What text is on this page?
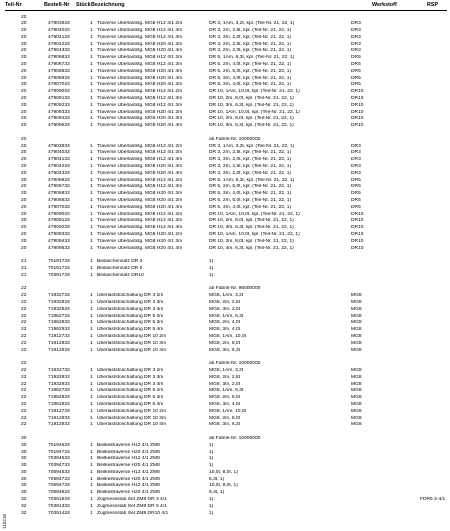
Teil-Nr	Bestell-Nr Stück Bezeichnung	Werkstoff	RSP
20
20	47903933	1 Traverse Überlaststg. MG8 H12 4/1 2m	DR 3, 1Am, 3,2t, kpl. (Teil-Nr. 21, 22, 1)	DR3
20	47904033	1 Traverse Überlaststg. MG8 H12 4/1 3m	DR 3, 2m, 2,5t, kpl. (Teil-Nr. 21, 22, 1)	DR3
20	47904133	1 Traverse Überlaststg. MG8 H12 4/1 3m	DR 3, 3m, 2,0t, kpl. (Teil-Nr. 21, 22, 1)	DR3
20	47904233	1 Traverse Überlaststg. MG8 H20 4/1 3m	DR 3, 2m, 2,5t, kpl. (Teil-Nr. 21, 22, 1)	DR3
20	47904333	1 Traverse Überlaststg. MG8 H20 4/1 4m	DR 3, 2m, 2,0t, kpl. (Teil-Nr. 21, 22, 1)	DR3
20	47906833	1 Traverse Überlaststg. MG8 H12 4/1 2m	DR 5, 1Am, 6,3t, kpl. (Teil-Nr. 21, 22, 1)	DR5
20	47906733	1 Traverse Überlaststg. MG8 H12 4/1 3m	DR 5, 2m, 4,0t, kpl. (Teil-Nr. 21, 22, 1)	DR5
20	47906833	1 Traverse Überlaststg. MG8 H20 4/1 3m	DR 5, 2m, 5,0t, kpl. (Teil-Nr. 21, 22, 1)	DR5
20	47906933	1 Traverse Überlaststg. MG8 H20 4/1 4m	DR 5, 3m, 4,0t, kpl. (Teil-Nr. 21, 22, 1)	DR5
20	47907033	1 Traverse Überlaststg. MG8 H20 4/1 3m	DR 5, 3m, 4,0t, kpl. (Teil-Nr. 21, 22, 1)	DR5
20	47909033	1 Traverse Überlaststg. MG8 H12 4/1 2m	DR 10, 1Am, 10,0t, kpl. (Teil-Nr. 21, 22, 1)	DR10
20	47909133	1 Traverse Überlaststg. MG8 H12 4/1 3m	DR 10, 2m, 8,0t, kpl. (Teil-Nr. 21, 22, 1)	DR10
20	47909233	1 Traverse Überlaststg. MG8 H12 4/1 3m	DR 10, 3m, 6,3t, kpl. (Teil-Nr. 21, 22, 1)	DR10
20	47909333	1 Traverse Überlaststg. MG8 H20 4/1 2m	DR 10, 1Am, 10,0t, kpl. (Teil-Nr. 21, 22, 1)	DR10
20	47909433	1 Traverse Überlaststg. MG8 H20 4/1 3m	DR 10, 2m, 8,0t, kpl. (Teil-Nr. 21, 22, 1)	DR10
20	47909633	1 Traverse Überlaststg. MG8 H20 4/1 4m	DR 10, 3m, 6,3t, kpl. (Teil-Nr. 21, 22, 1)	DR10
20	ab Fabrik-Nr. 10000000
20	47903933	1 Traverse Überlaststg. MG8 H12 4/1 2m	DR 3, 1Am, 3,2t, kpl. (Teil-Nr. 21, 22, 1)	DR3
20	47904033	1 Traverse Überlaststg. MG8 H12 4/1 3m	DR 3, 2m, 2,5t, kpl. (Teil-Nr. 21, 22, 1)	DR3
20	47904133	1 Traverse Überlaststg. MG8 H12 4/1 3m	DR 3, 3m, 2,0t, kpl. (Teil-Nr. 21, 22, 1)	DR3
20	47904233	1 Traverse Überlaststg. MG8 H20 4/1 3m	DR 3, 2m, 2,5t, kpl. (Teil-Nr. 21, 22, 1)	DR3
20	47904333	1 Traverse Überlaststg. MG8 H20 4/1 4m	DR 3, 3m, 2,0t, kpl. (Teil-Nr. 21, 22, 1)	DR3
20	47906833	1 Traverse Überlaststg. MG8 H12 4/1 2m	DR 5, 1Am, 6,3t, kpl. (Teil-Nr. 21, 22, 1)	DR5
20	47906733	1 Traverse Überlaststg. MG8 H12 4/1 3m	DR 5, 2m, 5,0t, kpl. (Teil-Nr. 21, 22, 1)	DR5
20	47906833	1 Traverse Überlaststg. MG8 H20 4/1 3m	DR 5, 3m, 4,0t, kpl. (Teil-Nr. 21, 22, 1)	DR5
20	47906933	1 Traverse Überlaststg. MG8 H20 4/1 2m	DR 5, 2m, 5,0t, kpl. (Teil-Nr. 21, 22, 1)	DR5
20	47907033	1 Traverse Überlaststg. MG8 H20 4/1 4m	DR 5, 3m, 4,0t, kpl. (Teil-Nr. 21, 22, 1)	DR5
20	47909033	1 Traverse Überlaststg. MG8 H12 4/1 2m	DR 10, 1Am, 10,0t, kpl. (Teil-Nr. 21, 22, 1)	DR10
20	47909133	1 Traverse Überlaststg. MG8 H12 4/1 3m	DR 10, 2m, 8,0t, kpl. (Teil-Nr. 21, 22, 1)	DR10
20	47909233	1 Traverse Überlaststg. MG8 H12 4/1 4m	DR 10, 3m, 6,3t, kpl. (Teil-Nr. 21, 22, 1)	DR10
20	47909333	1 Traverse Überlaststg. MG8 H20 4/1 2m	DR 10, 1Am, 10,0t, kpl. (Teil-Nr. 21, 22, 1)	DR10
20	47909433	1 Traverse Überlaststg. MG8 H20 4/1 3m	DR 10, 2m, 8,0t, kpl. (Teil-Nr. 21, 22, 1)	DR10
20	47909633	1 Traverse Überlaststg. MG8 H20 4/1 4m	DR 10, 4m, 6,3t, kpl. (Teil-Nr. 21, 22, 1)	DR10
21	70191733	1 Beilaschensatz DR 3	1)
21	70191733	1 Beilaschensatz DR 5	1)
21	70391733	1 Beilaschensatz DR10	1)
22	ab Fabrik-Nr. 96000000
22	71932733	1 Überlaststoschaltung DR 3 2m	MG8, 1Am, 3,2t	MG8
22	71932833	1 Überlaststoschaltung DR 3 3m	MG8, 2m, 2,5t	MG8
22	71932933	1 Überlaststoschaltung DR 3 4m	MG8, 3m, 2,0t	MG8
22	71962733	1 Überlaststoschaltung DR 5 2m	MG8, 1Am, 6,3t	MG8
22	71962833	1 Überlaststoschaltung DR 5 3m	MG8, 2m, 4,0t	MG8
22	71962933	1 Überlaststoschaltung DR 5 4m	MG8, 3m, 4,0t	MG8
22	71912733	1 Überlaststoschaltung DR 10 2m	MG8, 1Am, 10,0t	MG8
22	71912833	1 Überlaststoschaltung DR 10 3m	MG8, 2m, 8,0t	MG8
22	71912933	1 Überlaststoschaltung DR 10 4m	MG8, 3m, 6,3t	MG8
22	ab Fabrik-Nr. 10000000
22	71932733	1 Überlaststoschaltung DR 3 2m	MG8, 1Am, 3,2t	MG8
22	71932833	1 Überlaststoschaltung DR 3 3m	MG8, 2m, 2,5t	MG8
22	71932933	1 Überlaststoschaltung DR 3 4m	MG8, 3m, 2,0t	MG8
22	71962733	1 Überlaststoschaltung DR 5 2m	MG8, 1Am, 6,3t	MG8
22	71962833	1 Überlaststoschaltung DR 5 3m	MG8, 2m, 5,0t	MG8
22	71962933	1 Überlaststoschaltung DR 5 4m	MG8, 3m, 4,0t	MG8
22	71912733	1 Überlaststoschaltung DR 10 2m	MG8, 1Am, 10,0t	MG8
22	71912833	1 Überlaststoschaltung DR 10 3m	MG8, 2m, 8,0t	MG8
22	71912933	1 Überlaststoschaltung DR 10 4m	MG8, 3m, 6,3t	MG8
30	ab Fabrik-Nr. 10000000
30	70194633	1 Beilkeiltraverse H12 4/1 ZM8	1)
30	70194733	1 Beilkeiltraverse H20 4/1 ZM8	1)
30	70394633	1 Beilkeiltraverse H12 4/1 ZM8	1)
30	70394733	1 Beilkeiltraverse H20 4/1 ZM8	1)
30	70594633	1 Beilkeiltraverse H12 4/1 ZM8	10,0t, 8,0t, 1)
30	70594733	1 Beilkeiltraverse H20 4/1 ZM8	6,3t, 1)
30	70594733	1 Beilkeiltraverse H12 4/1 ZM8	10,0t, 8,0t, 1)
30	70594833	1 Beilkeiltraverse H20 4/1 ZM8	6,3t, 1)
32	70391533	1 Zugmessstab Set ZM8 DR 3 4/1	1)	FDR5 2-4/1
32	70391333	1 Zugmessstab Set ZM8 DR 5 4/1	1)
32	70391433	1 Zugmessstab Set ZM8 DR10 4/1	1)
110216
